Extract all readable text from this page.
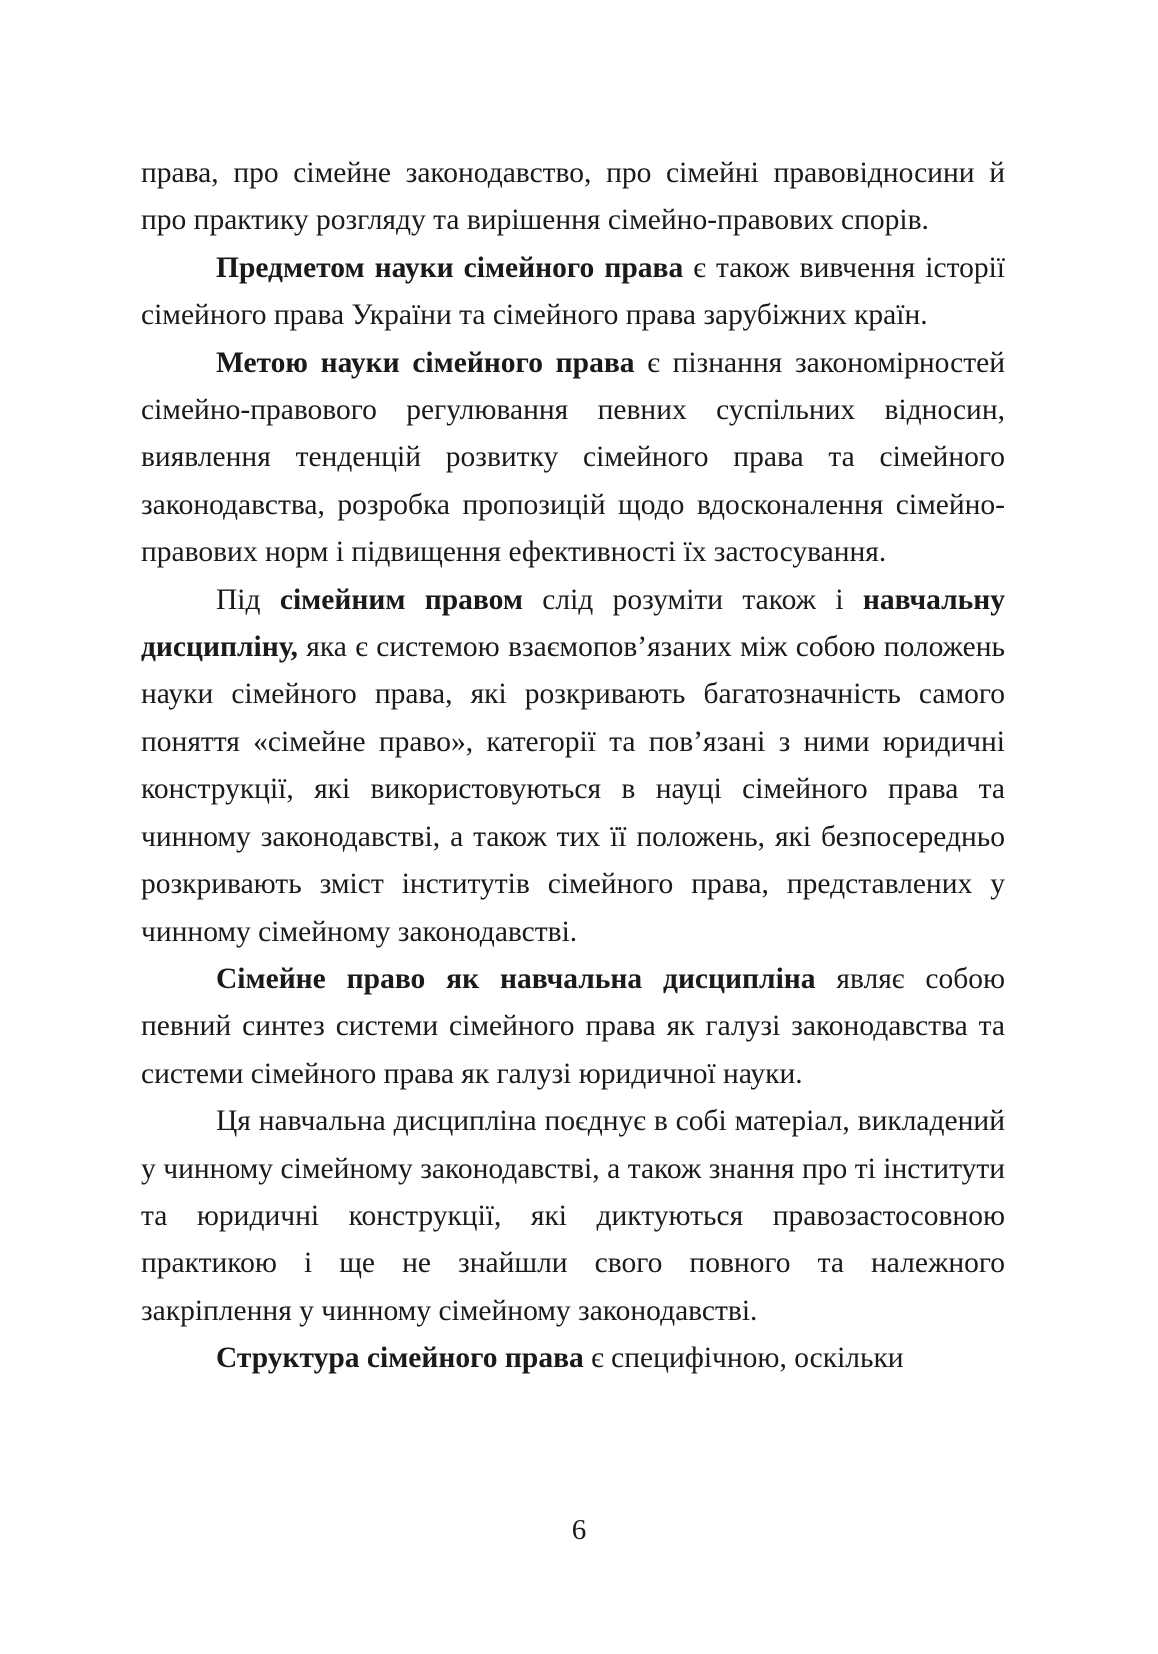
права, про сімейне законодавство, про сімейні правовідносини й про практику розгляду та вирішення сімейно-правових спорів.

Предметом науки сімейного права є також вивчення історії сімейного права України та сімейного права зарубіжних країн.

Метою науки сімейного права є пізнання закономірностей сімейно-правового регулювання певних суспільних відносин, виявлення тенденцій розвитку сімейного права та сімейного законодавства, розробка пропозицій щодо вдосконалення сімейно-правових норм і підвищення ефективності їх застосування.

Під сімейним правом слід розуміти також і навчальну дисципліну, яка є системою взаємопов’язаних між собою положень науки сімейного права, які розкривають багатозначність самого поняття «сімейне право», категорії та пов’язані з ними юридичні конструкції, які використовуються в науці сімейного права та чинному законодавстві, а також тих її положень, які безпосередньо розкривають зміст інститутів сімейного права, представлених у чинному сімейному законодавстві.

Сімейне право як навчальна дисципліна являє собою певний синтез системи сімейного права як галузі законодавства та системи сімейного права як галузі юридичної науки.

Ця навчальна дисципліна поєднує в собі матеріал, викладений у чинному сімейному законодавстві, а також знання про ті інститути та юридичні конструкції, які диктуються правозастосовною практикою і ще не знайшли свого повного та належного закріплення у чинному сімейному законодавстві.

Структура сімейного права є специфічною, оскільки

6
